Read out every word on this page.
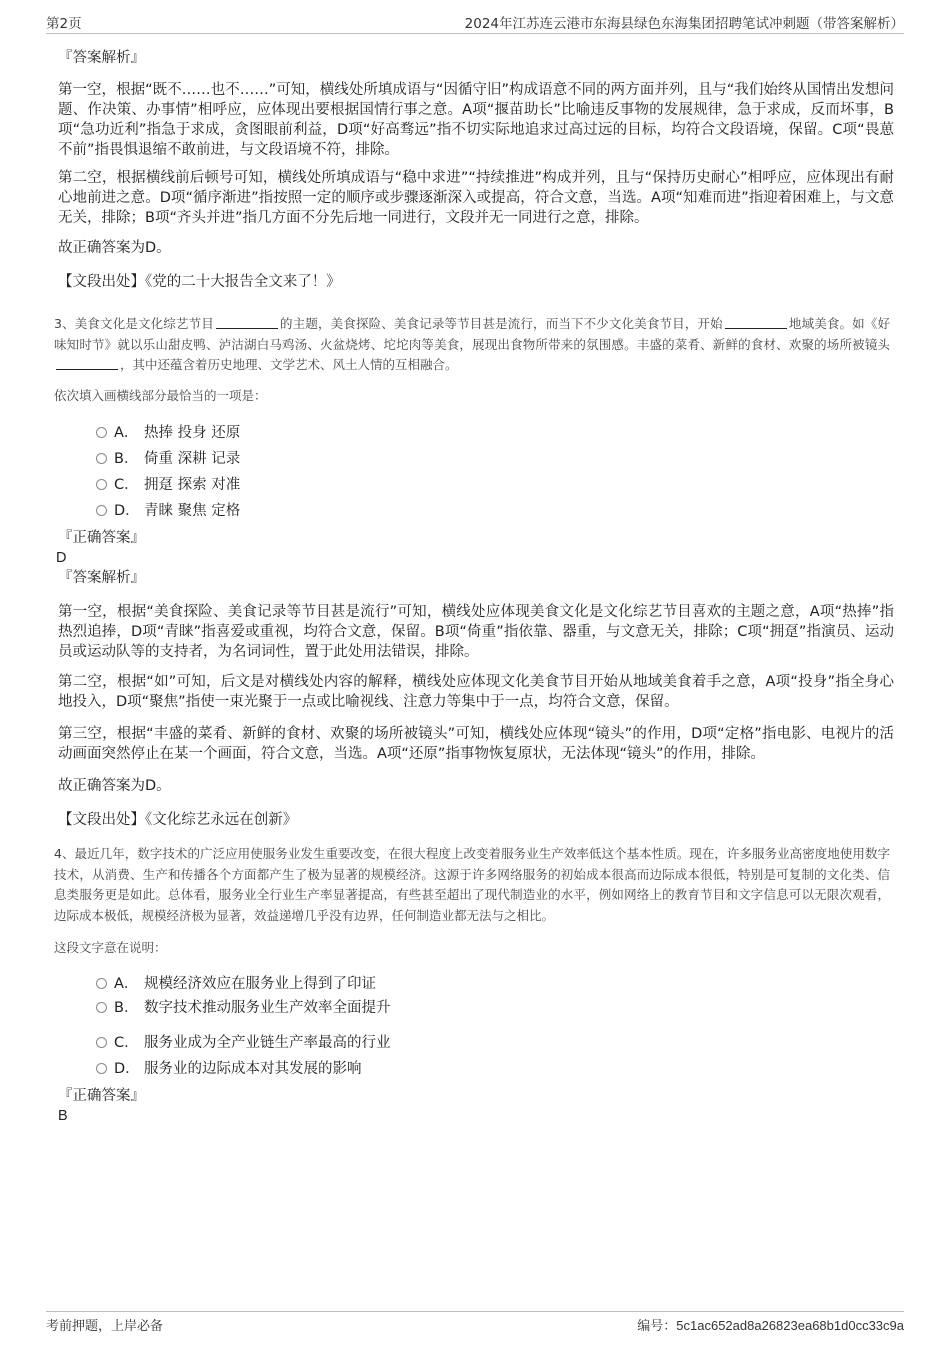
第2页	2024年江苏连云港市东海县绿色东海集团招聘笔试冲刺题（带答案解析）
『答案解析』

第一空，根据“既不……也不……”可知，横线处所填成语与“因循守旧”构成语意不同的两方面并列，且与“我们始终从国情出发想问题、作决策、办事情”相呼应，应体现出要根据国情行事之意。A项“揠苗助长”比喻违反事物的发展规律，急于求成，反而坏事，B项“急功近利”指急于求成，贪图眼前利益，D项“好高骛远”指不切实际地追求过高过远的目标，均符合文段语境，保留。C项“畏葸不前”指畏惧退缩不敢前进，与文段语境不符，排除。

第二空，根据横线前后顿号可知，横线处所填成语与“稳中求进”“持续推进”构成并列，且与“保持历史耐心”相呼应，应体现出有耐心地前进之意。D项“循序渐进”指按照一定的顺序或步骤逐渐深入或提高，符合文意，当选。A项“知难而进”指迎着困难上，与文意无关，排除；B项“齐头并进”指几方面不分先后地一同进行，文段并无一同进行之意，排除。

故正确答案为D。
【文段出处】《党的二十大报告全文来了！》

3、美食文化是文化综艺节目	的主题，美食探险、美食记录等节目甚是流行，而当下不少文化美食节目，开始	地域美食。如《好味知时节》就以乐山甜皮鸭、泸沽湖白马鸡汤、火盆烧烤、坨坨肉等美食，展现出食物所带来的氛围感。丰盛的菜肴、新鲜的食材、欢聚的场所被镜头，其中还蕴含着历史地理、文学艺术、风土人情的互相融合。

依次填入画横线部分最恰当的一项是：
A． 热捧 投身 还原
B． 倚重 深耕 记录
C． 拥趸 探索 对准
D． 青睐 聚焦 定格
『正确答案』
D
『答案解析』

第一空，根据“美食探险、美食记录等节目甚是流行”可知，横线处应体现美食文化是文化综艺节目喜欢的主题之意，A项“热捧”指热烈追捧，D项“青睐”指喜爱或重视，均符合文意，保留。B项“倚重”指依靠、器重，与文意无关，排除；C项“拥趸”指演员、运动员或运动队等的支持者，为名词词性，置于此处用法错误，排除。

第二空，根据“如”可知，后文是对横线处内容的解释，横线处应体现文化美食节目开始从地域美食着手之意，A项“投身”指全身心地投入，D项“聚焦”指使一束光聚于一点或比喻视线、注意力等集中于一点，均符合文意，保留。

第三空，根据“丰盛的菜肴、新鲜的食材、欢聚的场所被镜头”可知，横线处应体现“镜头”的作用，D项“定格”指电影、电视片的活动画面突然停止在某一个画面，符合文意，当选。A项“还原”指事物恢复原状，无法体现“镜头”的作用，排除。

故正确答案为D。
【文段出处】《文化综艺永远在创新》

4、最近几年，数字技术的广泛应用使服务业发生重要改变，在很大程度上改变着服务业生产效率低这个基本性质。现在，许多服务业高密度地使用数字技术，从消费、生产和传播各个方面都产生了极为显著的规模经济。这源于许多网络服务的初始成本很高而边际成本很低，特别是可复制的文化类、信息类服务更是如此。总体看，服务业全行业生产率显著提高，有些甚至超出了现代制造业的水平，例如网络上的教育节目和文字信息可以无限次观看，边际成本极低，规模经济极为显著，效益递增几乎没有边界，任何制造业都无法与之相比。

这段文字意在说明：
A． 规模经济效应在服务业上得到了印证
B． 数字技术推动服务业生产效率全面提升
C． 服务业成为全产业链生产率最高的行业
D． 服务业的边际成本对其发展的影响
『正确答案』
B
考前押题，上岸必备	编号：5c1ac652ad8a26823ea68b1d0cc33c9a
